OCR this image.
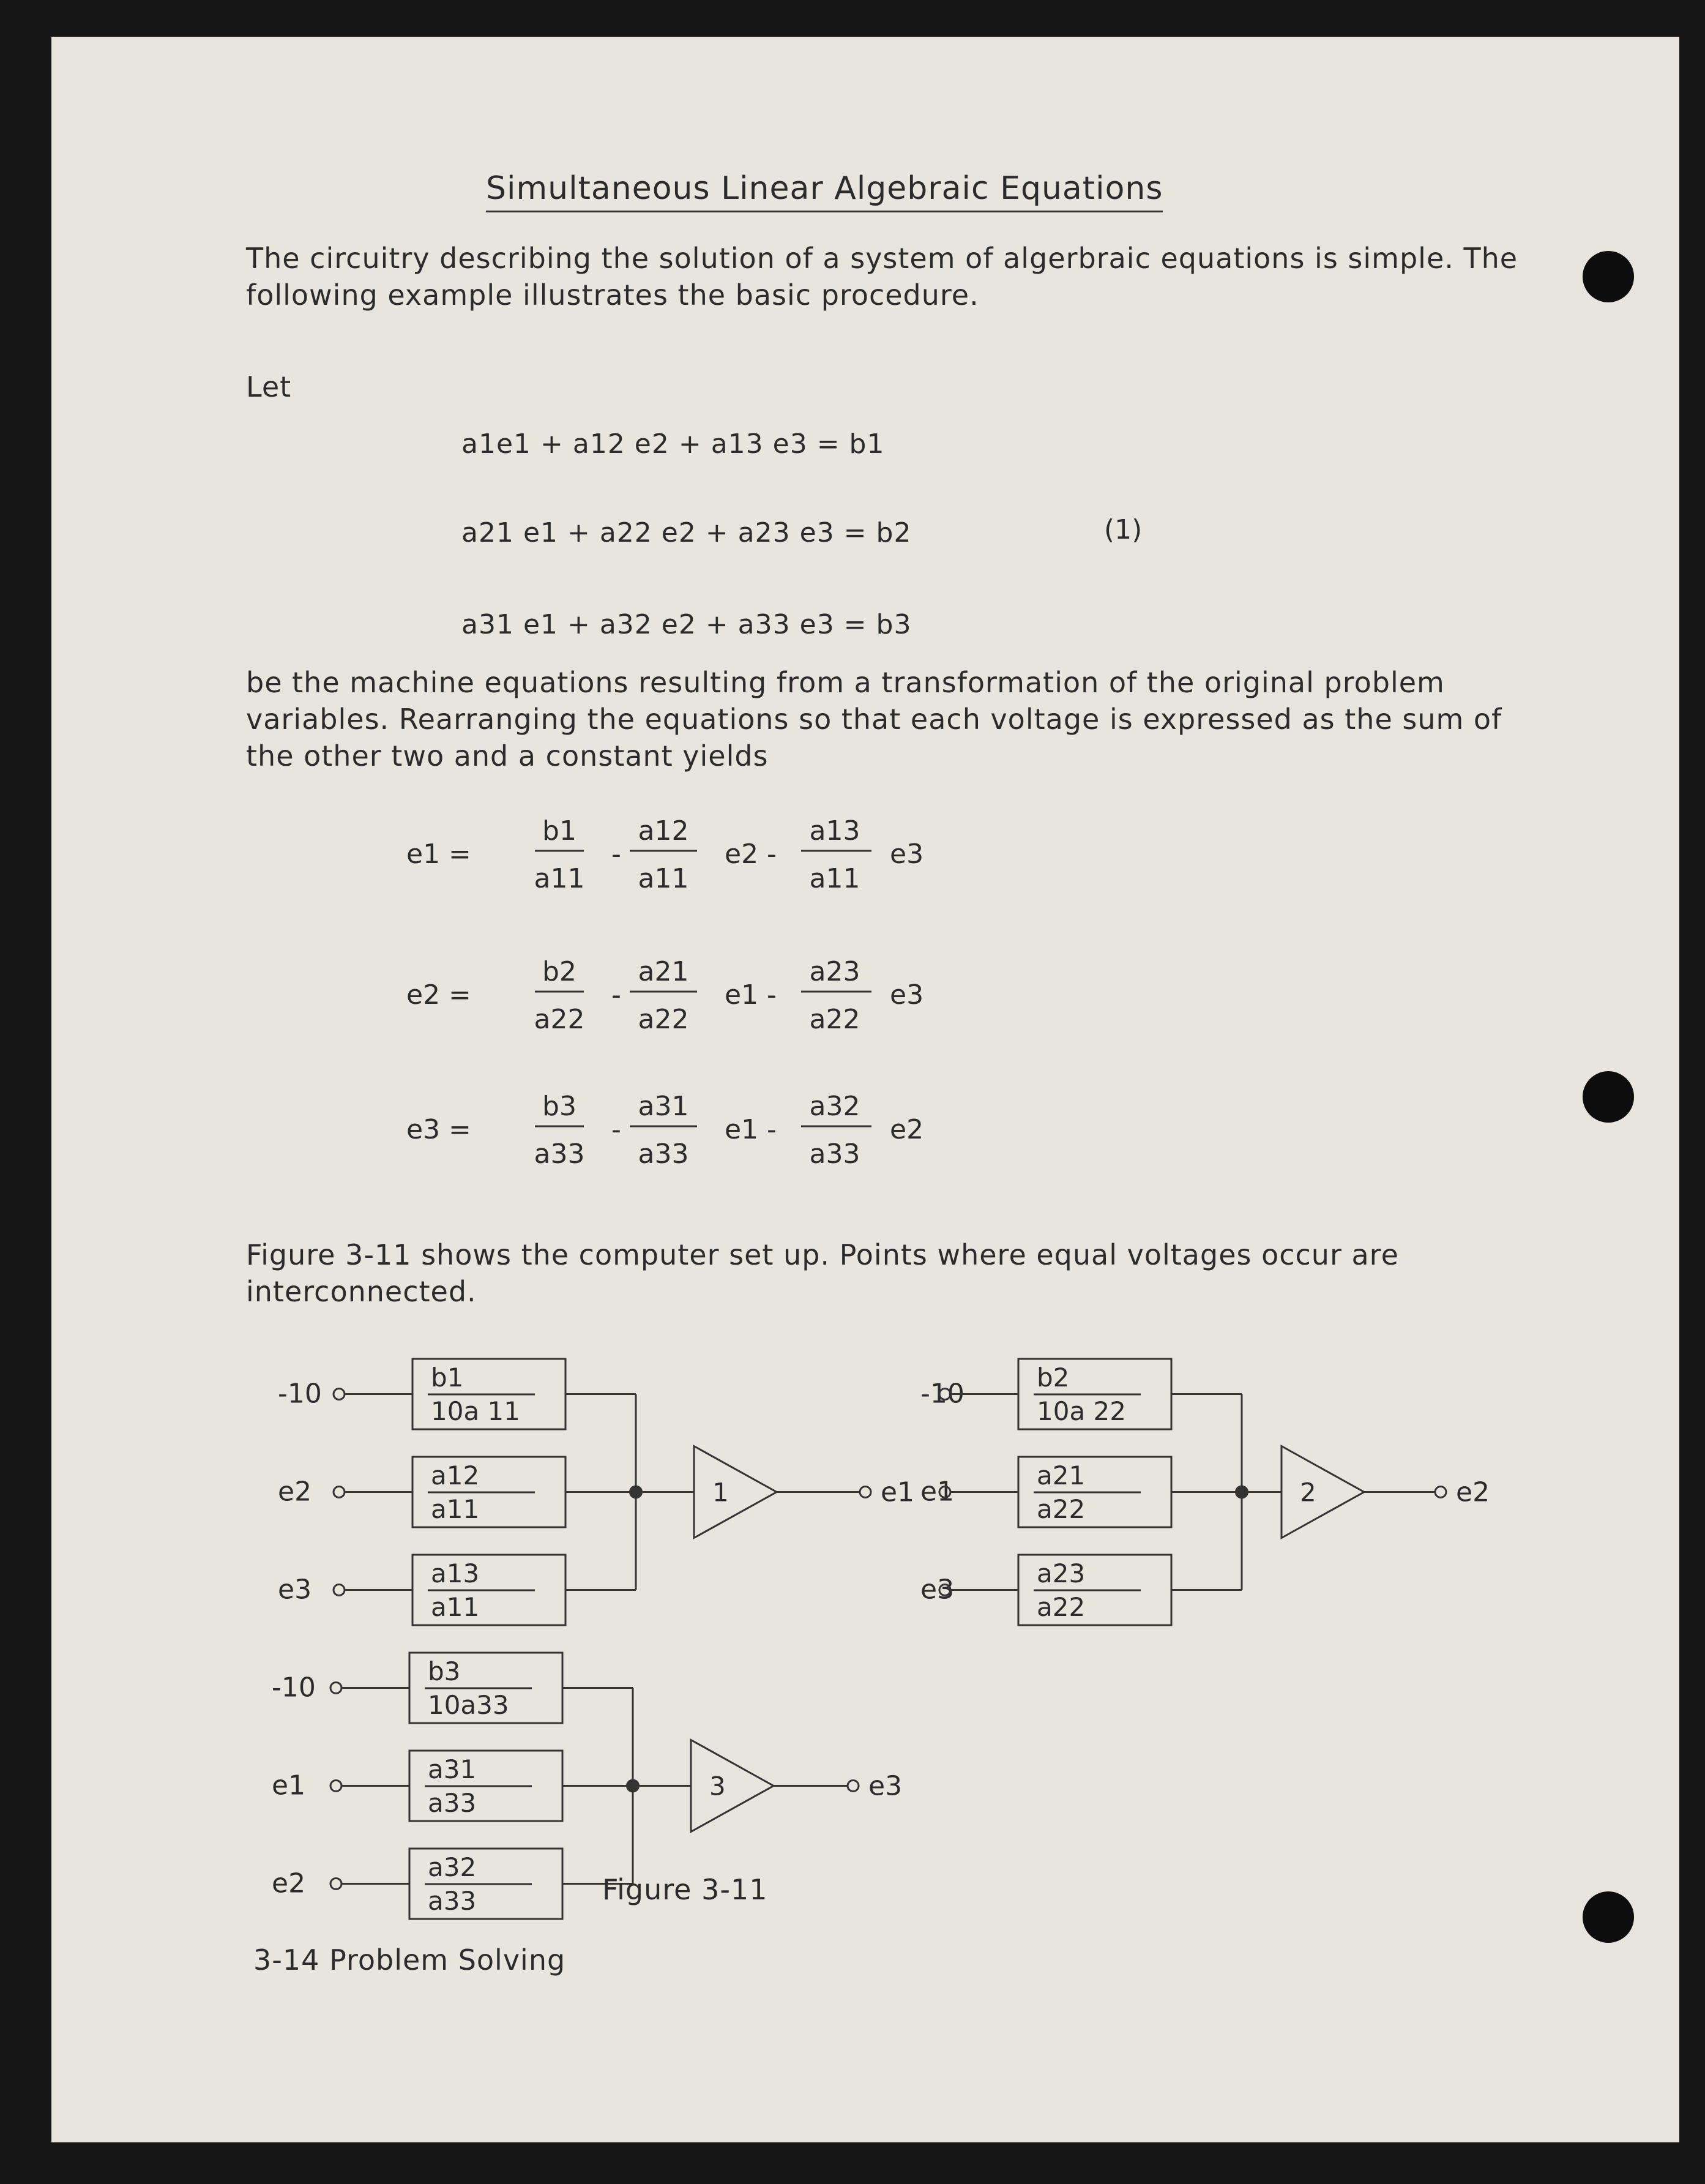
Simultaneous Linear Algebraic Equations
The circuitry describing the solution of a system of algerbraic equations is simple. The following example illustrates the basic procedure.
Let
a1e1 + a12 e2 + a13 e3 = b1
a21 e1 + a22 e2 + a23 e3 = b2
a31 e1 + a32 e2 + a33 e3 = b3
(1)
be the machine equations resulting from a transformation of the original problem variables. Rearranging the equations so that each voltage is expressed as the sum of the other two and a constant yields
e1 =
b1
a11
-
a12
a11
e2 -
a13
a11
e3
e2 =
b2
a22
-
a21
a22
e1 -
a23
a22
e3
e3 =
b3
a33
-
a31
a33
e1 -
a32
a33
e2
Figure 3-11 shows the computer set up. Points where equal voltages occur are interconnected.
-10
b1
10a 11
e2
a12
a11
e3
a13
a11
1	e1
-10
b2
10a 22
e1
a21
a22
e3
a23
a22
2	e2
-10
b3
10a33
e1
a31
a33
e2
a32
a33
3	e3
Figure 3-11
3-14 Problem Solving
